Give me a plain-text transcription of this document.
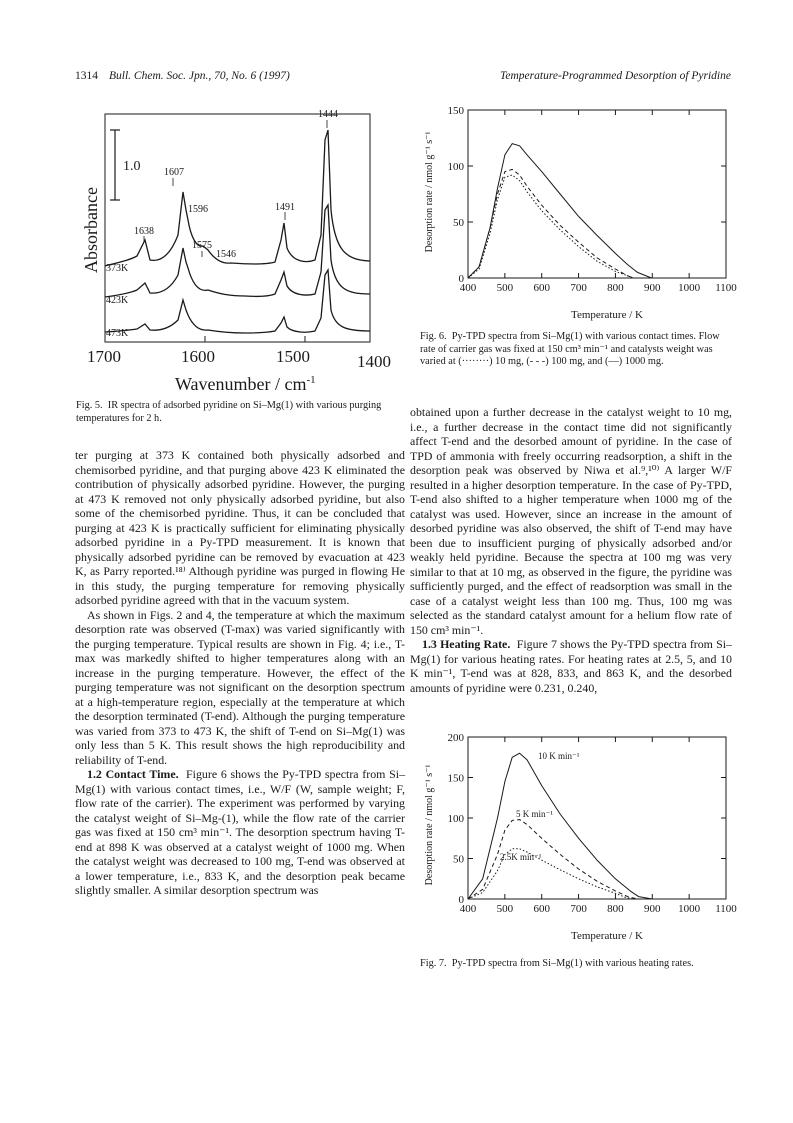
1314 Bull. Chem. Soc. Jpn., 70, No. 6 (1997)	Temperature-Programmed Desorption of Pyridine
1.0
Absorbance 373K
423K
473K
1444
1607
1596	1491
1638
1575
1546
1700	1600	1500	1400
Wavenumber / $cm^{-1}$
Fig. 5. IR spectra of adsorbed pyridine on Si–Mg(1) with various purging temperatures for 2 h.
Desorption rate / nmol g⁻¹ s⁻¹
Temperature / K
400 500 600 700 800 900 1000 1100
0
50
100
150
Fig. 6. Py-TPD spectra from Si–Mg(1) with various contact times. Flow rate of carrier gas was fixed at 150 cm³ min⁻¹ and catalysts weight was varied at (········) 10 mg, (- - -) 100 mg, and (—) 1000 mg.
Desorption rate / nmol g⁻¹ s⁻¹
Temperature / K
10 K min⁻¹
5 K min⁻¹
2.5K min⁻¹
400 500 600 700 800 900 1000 1100
0
50
100
150
200
Fig. 7. Py-TPD spectra from Si–Mg(1) with various heating rates.

ter purging at 373 K contained both physically adsorbed and chemisorbed pyridine, and that purging above 423 K eliminated the contribution of physically adsorbed pyridine. However, the purging at 473 K removed not only physically adsorbed pyridine, but also some of the chemisorbed pyridine. Thus, it can be concluded that purging at 423 K is practically sufficient for eliminating physically adsorbed pyridine in a Py-TPD measurement. It is known that physically adsorbed pyridine can be removed by evacuation at 423 K, as Parry reported.¹⁸⁾ Although pyridine was purged in flowing He in this study, the purging temperature for removing physically adsorbed pyridine agreed with that in the vacuum system.

As shown in Figs. 2 and 4, the temperature at which the maximum desorption rate was observed (T-max) was varied significantly with the purging temperature. Typical results are shown in Fig. 4; i.e., T-max was markedly shifted to higher temperatures along with an increase in the purging temperature. However, the effect of the purging temperature was not significant on the desorption spectrum at a high-temperature region, especially at the temperature at which the desorption terminated (T-end). Although the purging temperature was varied from 373 to 473 K, the shift of T-end on Si–Mg(1) was only less than 5 K. This result shows the high reproducibility and reliability of T-end.

1.2 Contact Time. Figure 6 shows the Py-TPD spectra from Si–Mg(1) with various contact times, i.e., W/F (W, sample weight; F, flow rate of the carrier). The experiment was performed by varying the catalyst weight of Si–Mg-(1), while the flow rate of the carrier gas was fixed at 150 cm³ min⁻¹. The desorption spectrum having T-end at 898 K was observed at a catalyst weight of 1000 mg. When the catalyst weight was decreased to 100 mg, T-end was observed at a lower temperature, i.e., 833 K, and the desorption peak became slightly smaller. A similar desorption spectrum was

obtained upon a further decrease in the catalyst weight to 10 mg, i.e., a further decrease in the contact time did not significantly affect T-end and the desorbed amount of pyridine. In the case of TPD of ammonia with freely occurring readsorption, a shift in the desorption peak was observed by Niwa et al.⁹,¹⁰⁾ A larger W/F resulted in a higher desorption temperature. In the case of Py-TPD, T-end also shifted to a higher temperature when 1000 mg of the catalyst was used. However, since an increase in the amount of desorbed pyridine was also observed, the shift of T-end may have been due to insufficient purging of physically adsorbed and/or weakly held pyridine. Because the spectra at 100 mg was very similar to that at 10 mg, as observed in the figure, the pyridine was sufficiently purged, and the effect of readsorption was small in the case of a catalyst weight less than 100 mg. Thus, 100 mg was selected as the standard catalyst amount for a helium flow rate of 150 cm³ min⁻¹.

1.3 Heating Rate. Figure 7 shows the Py-TPD spectra from Si–Mg(1) for various heating rates. For heating rates at 2.5, 5, and 10 K min⁻¹, T-end was at 828, 833, and 863 K, and the desorbed amounts of pyridine were 0.231, 0.240,
